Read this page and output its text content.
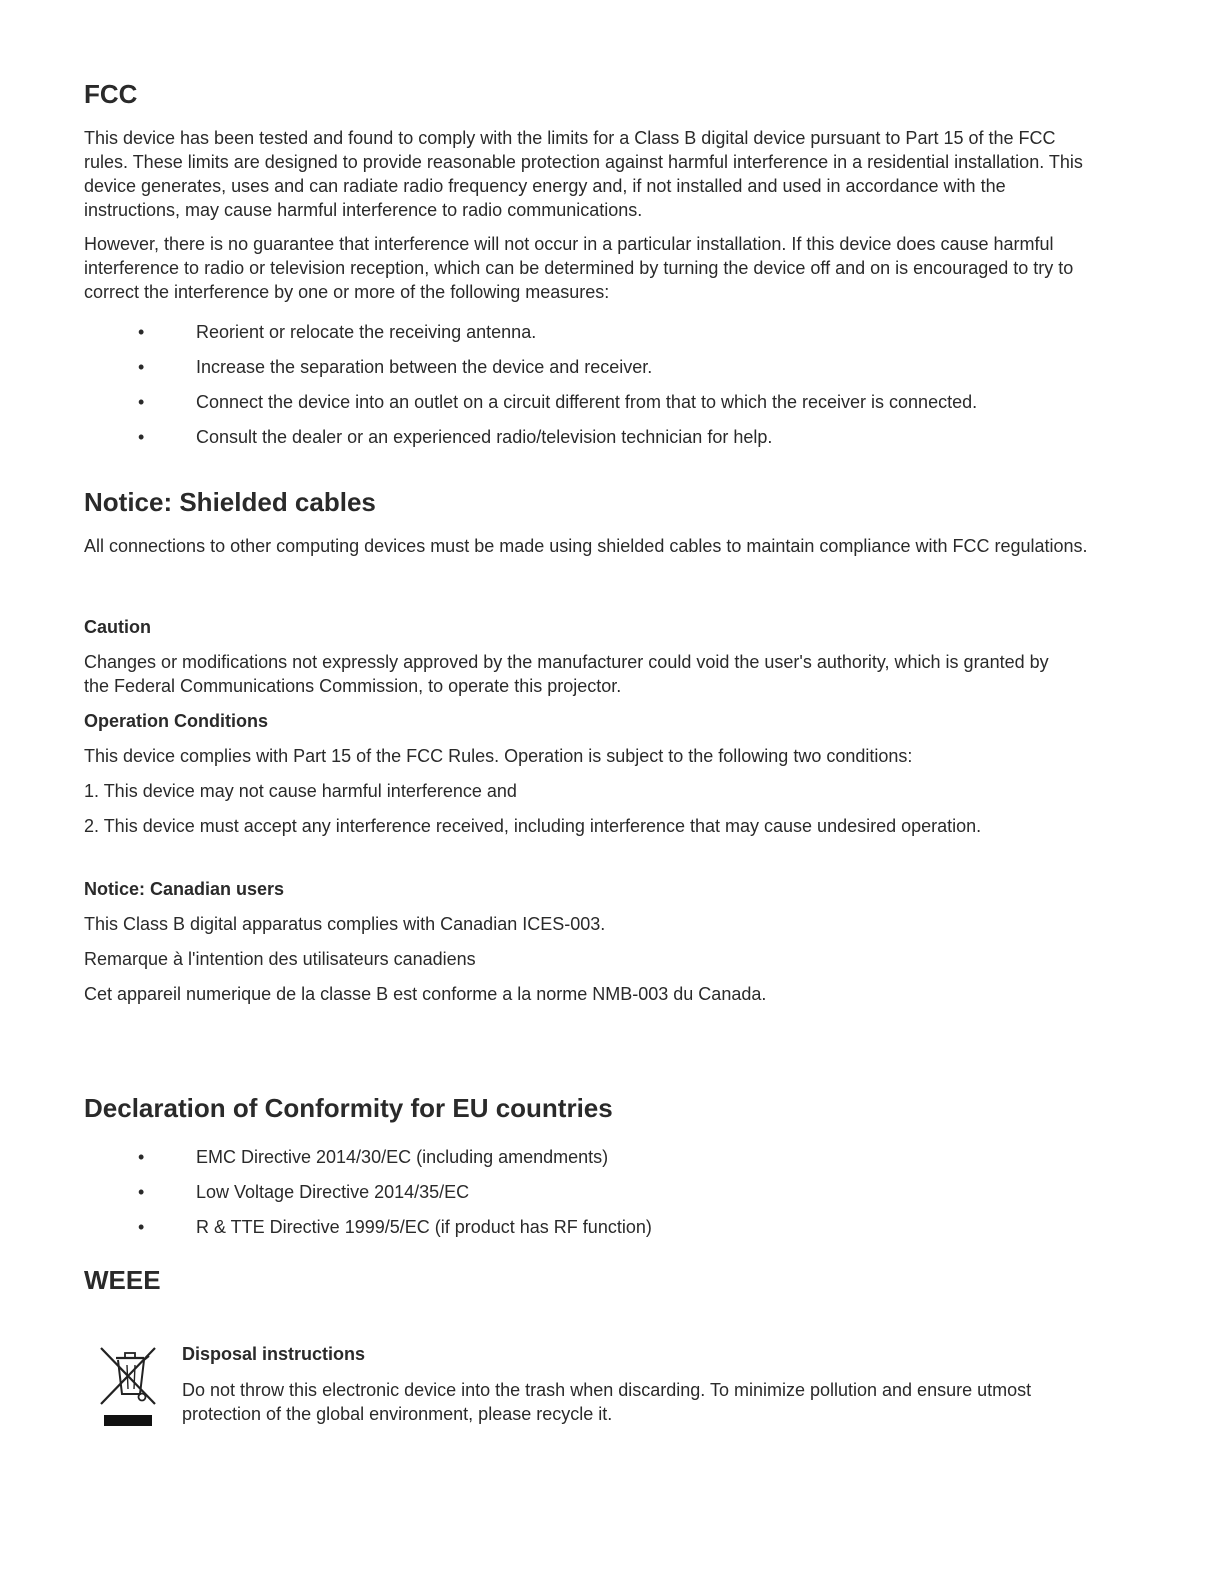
FCC

This device has been tested and found to comply with the limits for a Class B digital device pursuant to Part 15 of the FCC rules. These limits are designed to provide reasonable protection against harmful interference in a residential installation. This device generates, uses and can radiate radio frequency energy and, if not installed and used in accordance with the instructions, may cause harmful interference to radio communications.

However, there is no guarantee that interference will not occur in a particular installation. If this device does cause harmful interference to radio or television reception, which can be determined by turning the device off and on is encouraged to try to correct the interference by one or more of the following measures:

•	Reorient or relocate the receiving antenna.
•	Increase the separation between the device and receiver.
•	Connect the device into an outlet on a circuit different from that to which the receiver is connected.
•	Consult the dealer or an experienced radio/television technician for help.
Notice: Shielded cables

All connections to other computing devices must be made using shielded cables to maintain compliance with FCC regulations.

Caution

Changes or modifications not expressly approved by the manufacturer could void the user's authority, which is granted by the Federal Communications Commission, to operate this projector.

Operation Conditions

This device complies with Part 15 of the FCC Rules. Operation is subject to the following two conditions:

1. This device may not cause harmful interference and

2. This device must accept any interference received, including interference that may cause undesired operation.

Notice: Canadian users

This Class B digital apparatus complies with Canadian ICES-003.

Remarque à l'intention des utilisateurs canadiens

Cet appareil numerique de la classe B est conforme a la norme NMB-003 du Canada.

Declaration of Conformity for EU countries
•	EMC Directive 2014/30/EC (including amendments)
•	Low Voltage Directive 2014/35/EC
•	R & TTE Directive 1999/5/EC (if product has RF function)
WEEE
Disposal instructions

Do not throw this electronic device into the trash when discarding. To minimize pollution and ensure utmost protection of the global environment, please recycle it.
